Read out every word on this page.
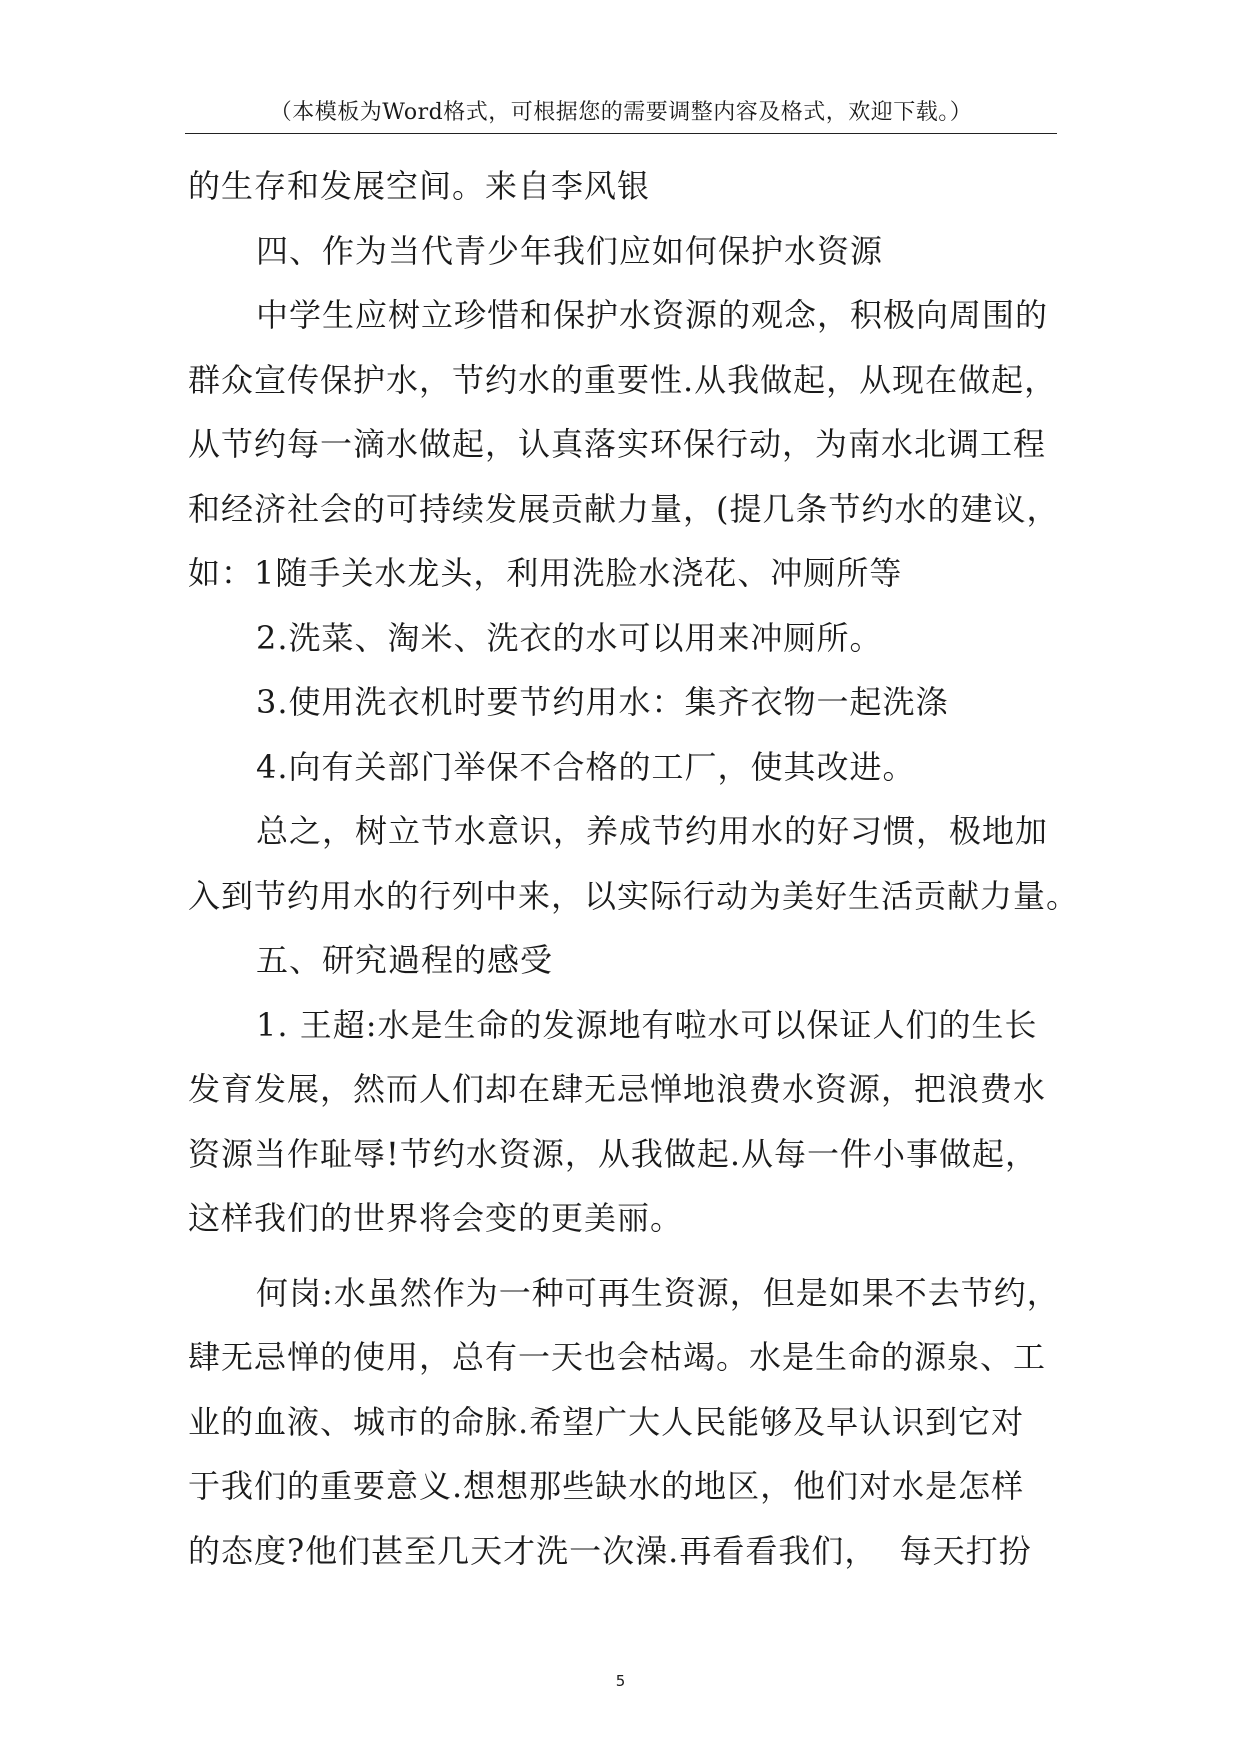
（本模板为Word格式，可根据您的需要调整内容及格式，欢迎下载。）

的生存和发展空间。来自李风银

四、作为当代青少年我们应如何保护水资源

中学生应树立珍惜和保护水资源的观念，积极向周围的

群众宣传保护水，节约水的重要性.从我做起，从现在做起，

从节约每一滴水做起，认真落实环保行动，为南水北调工程

和经济社会的可持续发展贡献力量，(提几条节约水的建议，

如：1随手关水龙头，利用洗脸水浇花、冲厕所等

2.洗菜、淘米、洗衣的水可以用来冲厕所。

3.使用洗衣机时要节约用水：集齐衣物一起洗涤

4.向有关部门举保不合格的工厂，使其改进。

总之，树立节水意识，养成节约用水的好习惯，极地加

入到节约用水的行列中来，以实际行动为美好生活贡献力量。

五、研究過程的感受

1. 王超:水是生命的发源地有啦水可以保证人们的生长

发育发展，然而人们却在肆无忌惮地浪费水资源，把浪费水

资源当作耻辱!节约水资源，从我做起.从每一件小事做起，

这样我们的世界将会变的更美丽。

何岗:水虽然作为一种可再生资源，但是如果不去节约，

肆无忌惮的使用，总有一天也会枯竭。水是生命的源泉、工

业的血液、城市的命脉.希望广大人民能够及早认识到它对

于我们的重要意义.想想那些缺水的地区，他们对水是怎样

的态度?他们甚至几天才洗一次澡.再看看我们，  每天打扮

5
